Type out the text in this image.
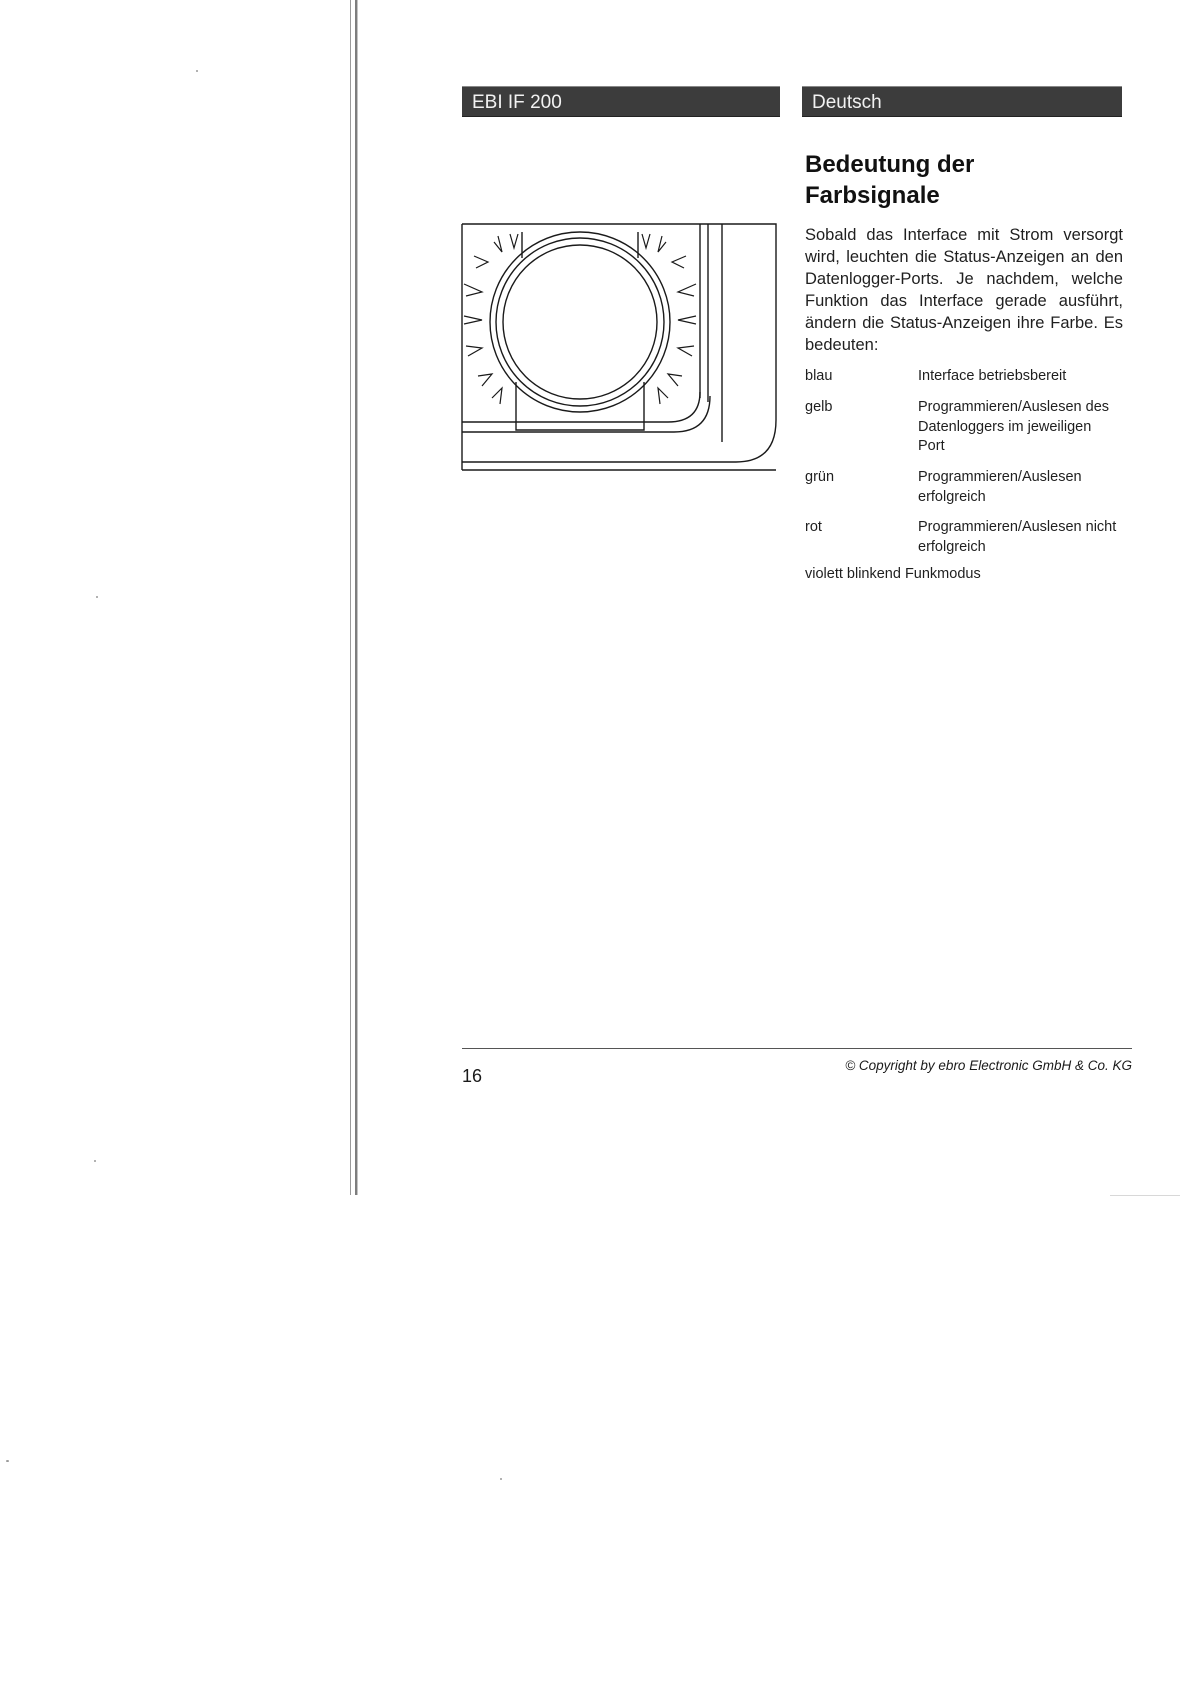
EBI IF 200	Deutsch
Bedeutung der
Farbsignale
Sobald das Interface mit Strom versorgt wird, leuchten die Status-Anzeigen an den Datenlogger-Ports. Je nachdem, welche Funktion das Interface gerade ausführt, ändern die Status-Anzeigen ihre Farbe. Es bedeuten:
blau	Interface betriebsbereit
gelb	Programmieren/Auslesen des Datenloggers im jeweiligen Port
grün	Programmieren/Auslesen erfolgreich
rot	Programmieren/Auslesen nicht erfolgreich
violett blinkend Funkmodus
16
© Copyright by ebro Electronic GmbH & Co. KG
